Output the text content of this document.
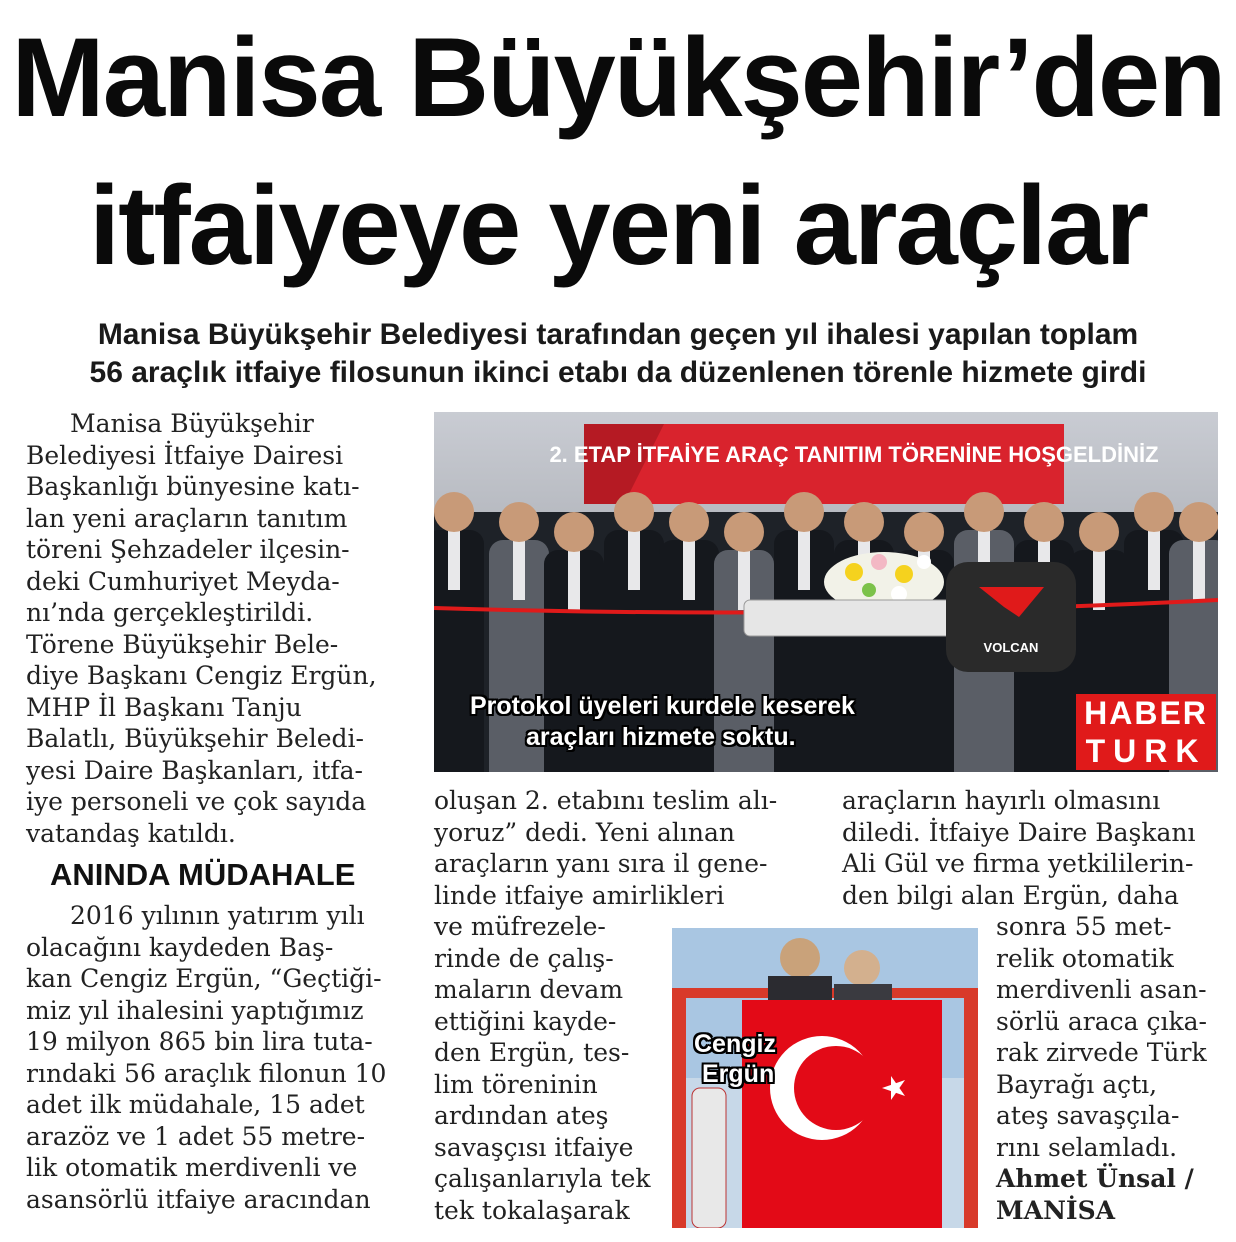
Manisa Büyükşehir’den
itfaiyeye yeni araçlar
Manisa Büyükşehir Belediyesi tarafından geçen yıl ihalesi yapılan toplam
56 araçlık itfaiye filosunun ikinci etabı da düzenlenen törenle hizmete girdi
Manisa Büyükşehir
Belediyesi İtfaiye Dairesi
Başkanlığı bünyesine katı-
lan yeni araçların tanıtım
töreni Şehzadeler ilçesin-
deki Cumhuriyet Meyda-
nı’nda gerçekleştirildi.
Törene Büyükşehir Bele-
diye Başkanı Cengiz Ergün,
MHP İl Başkanı Tanju
Balatlı, Büyükşehir Beledi-
yesi Daire Başkanları, itfa-
iye personeli ve çok sayıda
vatandaş katıldı.
ANINDA MÜDAHALE
2016 yılının yatırım yılı
olacağını kaydeden Baş-
kan Cengiz Ergün, “Geçtiği-
miz yıl ihalesini yaptığımız
19 milyon 865 bin lira tuta-
rındaki 56 araçlık filonun 10
adet ilk müdahale, 15 adet
arazöz ve 1 adet 55 metre-
lik otomatik merdivenli ve
asansörlü itfaiye aracından
2. ETAP İTFAİYE ARAÇ TANITIM TÖRENİNE HOŞGELDİNİZ
VOLCAN
Protokol üyeleri kurdele keserek
araçları hizmete soktu.
HABER
TURK
oluşan 2. etabını teslim alı-
yoruz” dedi. Yeni alınan
araçların yanı sıra il gene-
linde itfaiye amirlikleri
ve müfrezele-
rinde de çalış-
maların devam
ettiğini kayde-
den Ergün, tes-
lim töreninin
ardından ateş
savaşçısı itfaiye
çalışanlarıyla tek
tek tokalaşarak
Cengiz
Ergün
araçların hayırlı olmasını
diledi. İtfaiye Daire Başkanı
Ali Gül ve firma yetkililerin-
den bilgi alan Ergün, daha
sonra 55 met-
relik otomatik
merdivenli asan-
sörlü araca çıka-
rak zirvede Türk
Bayrağı açtı,
ateş savaşçıla-
rını selamladı.
Ahmet Ünsal /
MANİSA
